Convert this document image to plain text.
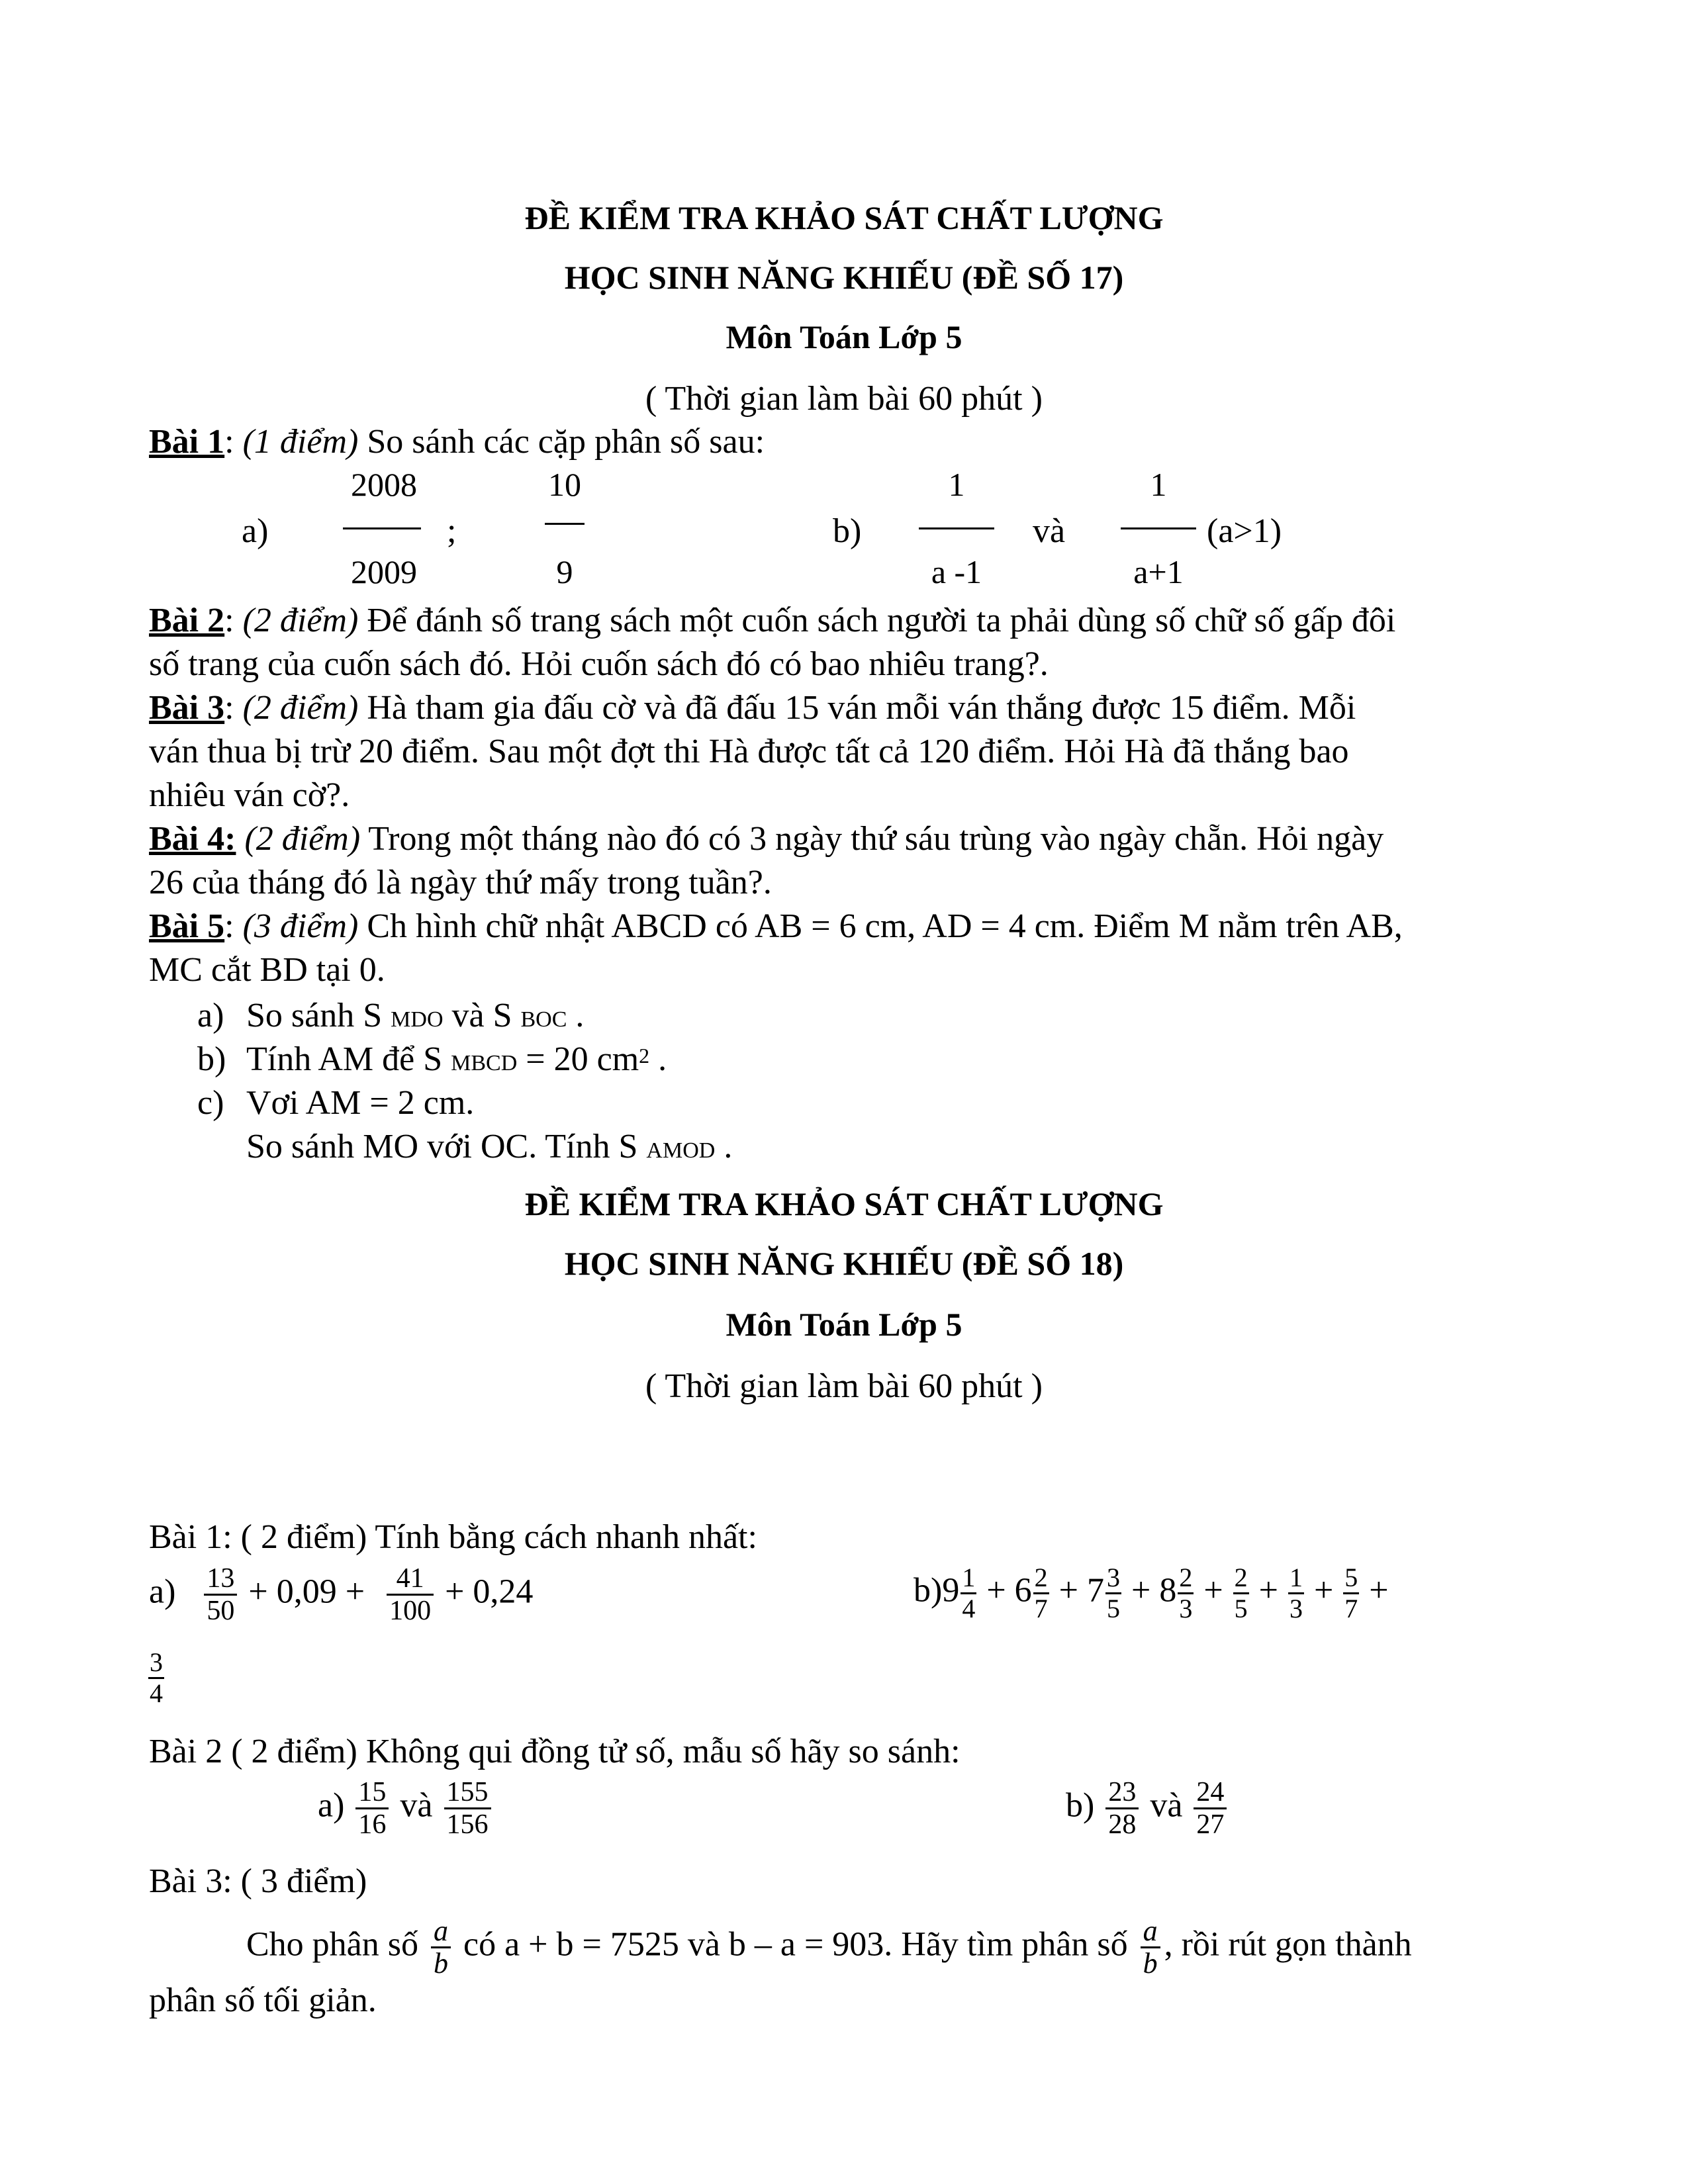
ĐỀ KIỂM TRA KHẢO SÁT CHẤT LƯỢNG
HỌC SINH NĂNG KHIẾU (ĐỀ SỐ 17)
Môn Toán Lớp 5
( Thời gian làm bài 60 phút )
Bài 1: (1 điểm) So sánh các cặp phân số sau:
2008
2009
a)	;
10
9
b)
1
a -1
và
1
a+1
(a>1)
Bài 2: (2 điểm) Để đánh số trang sách một cuốn sách người ta phải dùng số chữ số gấp đôi
số trang của cuốn sách đó. Hỏi cuốn sách đó có bao nhiêu trang?.
Bài 3: (2 điểm) Hà tham gia đấu cờ và đã đấu 15 ván mỗi ván thắng được 15 điểm. Mỗi
ván thua bị trừ 20 điểm. Sau một đợt thi Hà được tất cả 120 điểm. Hỏi Hà đã thắng bao
nhiêu ván cờ?.
Bài 4: (2 điểm) Trong một tháng nào đó có 3 ngày thứ sáu trùng vào ngày chẵn. Hỏi ngày
26 của tháng đó là ngày thứ mấy trong tuần?.
Bài 5: (3 điểm) Ch hình chữ nhật ABCD có AB = 6 cm, AD = 4 cm. Điểm M nằm trên AB,
MC cắt BD tại 0.
a) So sánh S MDO và S BOC .
b) Tính AM để S MBCD = 20 $cm^2$ .
c) Vơi AM = 2 cm.
So sánh MO với OC. Tính S AMOD .
ĐỀ KIỂM TRA KHẢO SÁT CHẤT LƯỢNG
HỌC SINH NĂNG KHIẾU (ĐỀ SỐ 18)
Môn Toán Lớp 5
( Thời gian làm bài 60 phút )
Bài 1: ( 2 điểm) Tính bằng cách nhanh nhất:
$a) \frac{13}{50} + 0,09 + \frac{41}{100} + 0,24$	$b)9 \frac{1}{4} + 6 \frac{2}{7} + 7 \frac{3}{5} + 8 \frac{2}{3} + \frac{2}{5} + \frac{1}{3} + \frac{5}{7}$ +
$\frac{3}{4}$
Bài 2 ( 2 điểm) Không qui đồng tử số, mẫu số hãy so sánh:
$a) \frac{15}{16}$ và $\frac{155}{156}$	$b) \frac{23}{28}$ và $\frac{24}{27}$
Bài 3: ( 3 điểm)
Cho phân số $\frac{a}{b}$ có a + b = 7525 và b – a = 903. Hãy tìm phân số $\frac{a}{b}$ , rồi rút gọn thành
phân số tối giản.
